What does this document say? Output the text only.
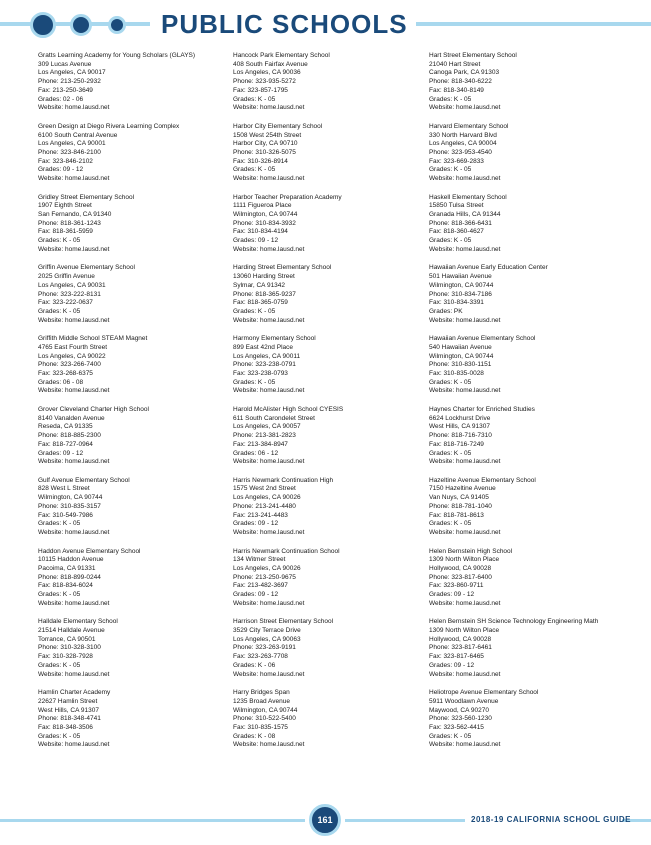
PUBLIC SCHOOLS
Gratts Learning Academy for Young Scholars (GLAYS)
309 Lucas Avenue
Los Angeles, CA 90017
Phone: 213-250-2932
Fax: 213-250-3649
Grades: 02 - 06
Website: home.lausd.net
Green Design at Diego Rivera Learning Complex
6100 South Central Avenue
Los Angeles, CA 90001
Phone: 323-846-2100
Fax: 323-846-2102
Grades: 09 - 12
Website: home.lausd.net
Gridley Street Elementary School
1907 Eighth Street
San Fernando, CA 91340
Phone: 818-361-1243
Fax: 818-361-5959
Grades: K - 05
Website: home.lausd.net
Griffin Avenue Elementary School
2025 Griffin Avenue
Los Angeles, CA 90031
Phone: 323-222-8131
Fax: 323-222-0637
Grades: K - 05
Website: home.lausd.net
Griffith Middle School STEAM Magnet
4765 East Fourth Street
Los Angeles, CA 90022
Phone: 323-266-7400
Fax: 323-268-6375
Grades: 06 - 08
Website: home.lausd.net
Grover Cleveland Charter High School
8140 Vanalden Avenue
Reseda, CA 91335
Phone: 818-885-2300
Fax: 818-727-0964
Grades: 09 - 12
Website: home.lausd.net
Gulf Avenue Elementary School
828 West L Street
Wilmington, CA 90744
Phone: 310-835-3157
Fax: 310-549-7986
Grades: K - 05
Website: home.lausd.net
Haddon Avenue Elementary School
10115 Haddon Avenue
Pacoima, CA 91331
Phone: 818-899-0244
Fax: 818-834-6024
Grades: K - 05
Website: home.lausd.net
Halldale Elementary School
21514 Halldale Avenue
Torrance, CA 90501
Phone: 310-328-3100
Fax: 310-328-7928
Grades: K - 05
Website: home.lausd.net
Hamlin Charter Academy
22627 Hamlin Street
West Hills, CA 91307
Phone: 818-348-4741
Fax: 818-348-3506
Grades: K - 05
Website: home.lausd.net
Hancock Park Elementary School
408 South Fairfax Avenue
Los Angeles, CA 90036
Phone: 323-935-5272
Fax: 323-857-1795
Grades: K - 05
Website: home.lausd.net
Harbor City Elementary School
1508 West 254th Street
Harbor City, CA 90710
Phone: 310-326-5075
Fax: 310-326-8914
Grades: K - 05
Website: home.lausd.net
Harbor Teacher Preparation Academy
1111 Figueroa Place
Wilmington, CA 90744
Phone: 310-834-3932
Fax: 310-834-4194
Grades: 09 - 12
Website: home.lausd.net
Harding Street Elementary School
13060 Harding Street
Sylmar, CA 91342
Phone: 818-365-9237
Fax: 818-365-0759
Grades: K - 05
Website: home.lausd.net
Harmony Elementary School
899 East 42nd Place
Los Angeles, CA 90011
Phone: 323-238-0791
Fax: 323-238-0793
Grades: K - 05
Website: home.lausd.net
Harold McAlister High School CYESIS
611 South Carondelet Street
Los Angeles, CA 90057
Phone: 213-381-2823
Fax: 213-384-8947
Grades: 06 - 12
Website: home.lausd.net
Harris Newmark Continuation High
1575 West 2nd Street
Los Angeles, CA 90026
Phone: 213-241-4480
Fax: 213-241-4483
Grades: 09 - 12
Website: home.lausd.net
Harris Newmark Continuation School
134 Witmer Street
Los Angeles, CA 90026
Phone: 213-250-9675
Fax: 213-482-3697
Grades: 09 - 12
Website: home.lausd.net
Harrison Street Elementary School
3529 City Terrace Drive
Los Angeles, CA 90063
Phone: 323-263-9191
Fax: 323-263-7708
Grades: K - 06
Website: home.lausd.net
Harry Bridges Span
1235 Broad Avenue
Wilmington, CA 90744
Phone: 310-522-5400
Fax: 310-835-1575
Grades: K - 08
Website: home.lausd.net
Hart Street Elementary School
21040 Hart Street
Canoga Park, CA 91303
Phone: 818-340-6222
Fax: 818-340-8149
Grades: K - 05
Website: home.lausd.net
Harvard Elementary School
330 North Harvard Blvd
Los Angeles, CA 90004
Phone: 323-953-4540
Fax: 323-669-2833
Grades: K - 05
Website: home.lausd.net
Haskell Elementary School
15850 Tulsa Street
Granada Hills, CA 91344
Phone: 818-366-6431
Fax: 818-360-4627
Grades: K - 05
Website: home.lausd.net
Hawaiian Avenue Early Education Center
501 Hawaiian Avenue
Wilmington, CA 90744
Phone: 310-834-7186
Fax: 310-834-3391
Grades: PK
Website: home.lausd.net
Hawaiian Avenue Elementary School
540 Hawaiian Avenue
Wilmington, CA 90744
Phone: 310-830-1151
Fax: 310-835-0028
Grades: K - 05
Website: home.lausd.net
Haynes Charter for Enriched Studies
6624 Lockhurst Drive
West Hills, CA 91307
Phone: 818-716-7310
Fax: 818-716-7249
Grades: K - 05
Website: home.lausd.net
Hazeltine Avenue Elementary School
7150 Hazeltine Avenue
Van Nuys, CA 91405
Phone: 818-781-1040
Fax: 818-781-8613
Grades: K - 05
Website: home.lausd.net
Helen Bernstein High School
1309 North Wilton Place
Hollywood, CA 90028
Phone: 323-817-6400
Fax: 323-860-9711
Grades: 09 - 12
Website: home.lausd.net
Helen Bernstein SH Science Technology Engineering Math
1309 North Wilton Place
Hollywood, CA 90028
Phone: 323-817-6461
Fax: 323-817-6465
Grades: 09 - 12
Website: home.lausd.net
Heliotrope Avenue Elementary School
5911 Woodlawn Avenue
Maywood, CA 90270
Phone: 323-560-1230
Fax: 323-562-4415
Grades: K - 05
Website: home.lausd.net
161	2018-19 CALIFORNIA SCHOOL GUIDE
